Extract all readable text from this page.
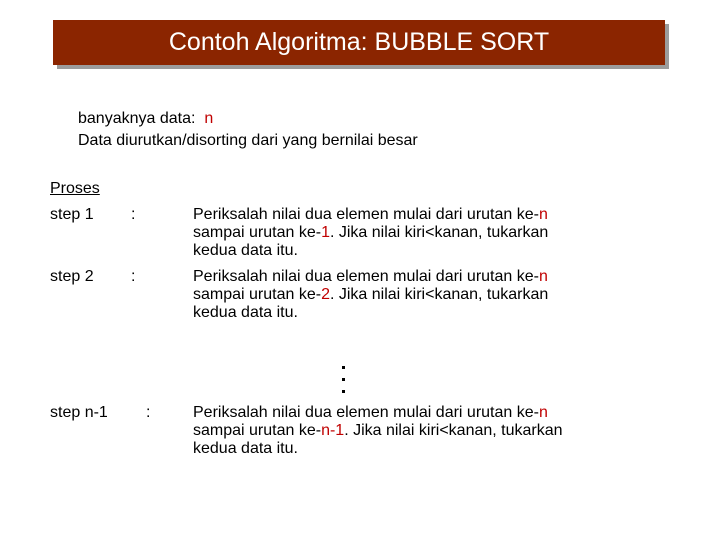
Contoh Algoritma: BUBBLE SORT
banyaknya data: n
Data diurutkan/disorting dari yang bernilai besar
Proses
step 1 :	Periksalah nilai dua elemen mulai dari urutan ke-n
sampai urutan ke-1. Jika nilai kiri<kanan, tukarkan
kedua data itu.
step 2 :	Periksalah nilai dua elemen mulai dari urutan ke-n
sampai urutan ke-2. Jika nilai kiri<kanan, tukarkan
kedua data itu.
step n-1 :	Periksalah nilai dua elemen mulai dari urutan ke-n
sampai urutan ke-n-1. Jika nilai kiri<kanan, tukarkan
kedua data itu.
